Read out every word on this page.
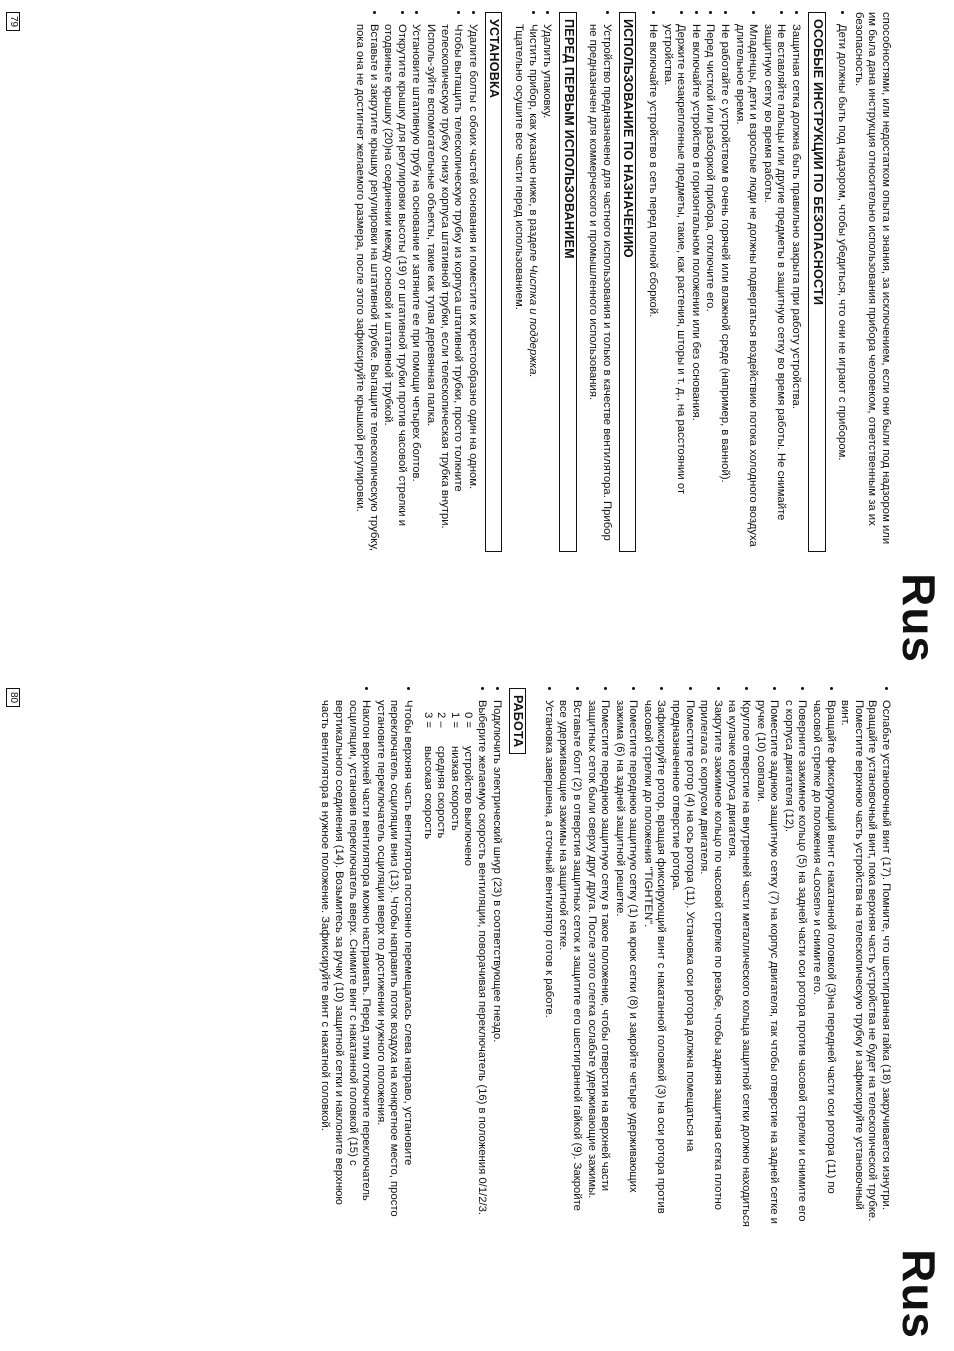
Rus

способностями, или недостатком опыта и знания, за исключением, если они были под надзором или им была дана инструкция относительно использования прибора человеком, ответственным за их безопасность.

• Дети должны быть под надзором, чтобы убедиться, что они не играют с прибором.
ОСОБЫЕ ИНСТРУКЦИИ ПО БЕЗОПАСНОСТИ
• Защитная сетка должна быть правильно закрыта при работу устройства.
• Не вставляйте пальцы или другие предметы в защитную сетку во время работы. Не снимайте защитную сетку во время работы.
• Младенцы, дети и взрослые люди не должны подвергаться воздействию потока холодного воздуха длительное время.
• Не работайте с устройством в очень горячей или влажной среде (например, в ванной).
• Перед чисткой или разборкой прибора, отключите его.
• Не включайте устройство в горизонтальном положении или без основания.
• Держите незакрепленные предметы, такие, как растения, шторы и т. д., на расстоянии от устройства.
• Не включайте устройство в сеть перед полной сборкой.
ИСПОЛЬЗОВАНИЕ ПО НАЗНАЧЕНИЮ
• Устройство предназначено для частного использования и только в качестве вентилятора. Прибор не предназначен для коммерческого и промышленного использования.
ПЕРЕД ПЕРВЫМ ИСПОЛЬЗОВАНИЕМ
• Удалить упаковку.
• Чистить прибор, как указано ниже, в разделе Чистка и поддержка.
Тщательно осушите все части перед использованием.
УСТАНОВКА
• Удалите болты с обоих частей основания и поместите их крестообразно один на одном.
• Чтобы вытащить телескопическую трубку из корпуса штативной трубки, просто толкните телескопическую трубку снизу корпуса штативной трубки, если телескопическая трубка внутри. Исполь-зуйте вспомогательные объекты, такие как тупая деревянная палка.
• Установите штативную трубу на основание и затяните ее при помощи четырех болтов.
• Открутите крышку для регулировки высоты (19) от штативной трубки против часовой стрелки и отодвиньте крышку (20)на соединении между основой и штативной трубкой.
• Вставьте и закрутите крышку регулировки на штативной трубке. Вытащите телескопическую трубку, пока она не достигнет желаемого размера, после этого зафиксируйте крышкой регулировки.
79
Rus
• Ослабьте установочный винт (17). Помните, что шестигранная гайка (18) закручивается изнутри. Вращайте установочный винт, пока верхняя часть устройства не будет на телескопической трубке. Поместите верхнюю часть устройства на телескопическую трубку и зафиксируйте установочный винт.
• Вращайте фиксирующий винт с накатанной головкой (3)на передней части оси ротора (11) по часовой стрелке до положения «Loosen» и снимите его.
• Поверните зажимное кольцо (5) на задней части оси ротора против часовой стрелки и снимите его с корпуса двигателя (12).
• Поместите заднюю защитную сетку (7) на корпус двигателя, так чтобы отверстие на задней сетке и ручке (10) совпали.
• Круглое отверстие на внутренней части металлического кольца защитной сетки должно находиться на кулачке корпуса двигателя.
• Закрутите зажимное кольцо по часовой стрелке по резьбе, чтобы задняя защитная сетка плотно прилегала с корпусом двигателя.
• Поместите ротор (4) на ось ротора (11). Установка оси ротора должна помещаться на предназначенное отверстие ротора.
• Зафиксируйте ротор, вращая фиксирующий винт с накатанной головкой (3) на оси ротора против часовой стрелки до положения "TIGHTEN".
• Поместите переднюю защитную сетку (1) на крюк сетки (8) и закройте четыре удерживающих зажима (6) на задней защитной решетке.
• Поместите переднюю защитную сетку в такое положение, чтобы отверстия на верхней части защитных сеток были сверху друг друга. После этого слегка ослабьте удерживающие зажимы.
• Вставьте болт (2) в отверстия защитных сеток и защитите его шестигранной гайкой (9). Закройте все удерживающие зажимы на защитной сетке.
• Установка завершена, а сточный вентилятор готов к работе.
РАБОТА
• Подключить электрический шнур (23) в соответствующее гнездо.
• Выберите желаемую скорость вентиляции, поворачивая переключатель (16) в положения 0/1/2/3.
0 =
устройство выключено
1 =
низкая скорость
2 –
средняя скорость
3 =
высокая скорость
• Чтобы верхняя часть вентилятора постоянно перемещалась слева направо, установите переключатель осциляции вниз (13). Чтобы направить поток воздуха на конкретное место, просто установите переключатель осциляции вверх по достижении нужного положения.
• Наклон верхней части вентилятора можно настраивать. Перед этим отключите переключатель осциляции, установив переключатель вверх. Снимите винт с накатанной головкой (15) с вертикального соединения (14). Возьмитесь за ручку (10) защитной сетки и наклоните верхнюю часть вентилятора в нужное положение. Зафиксируйте винт с накатной головкой.
80
